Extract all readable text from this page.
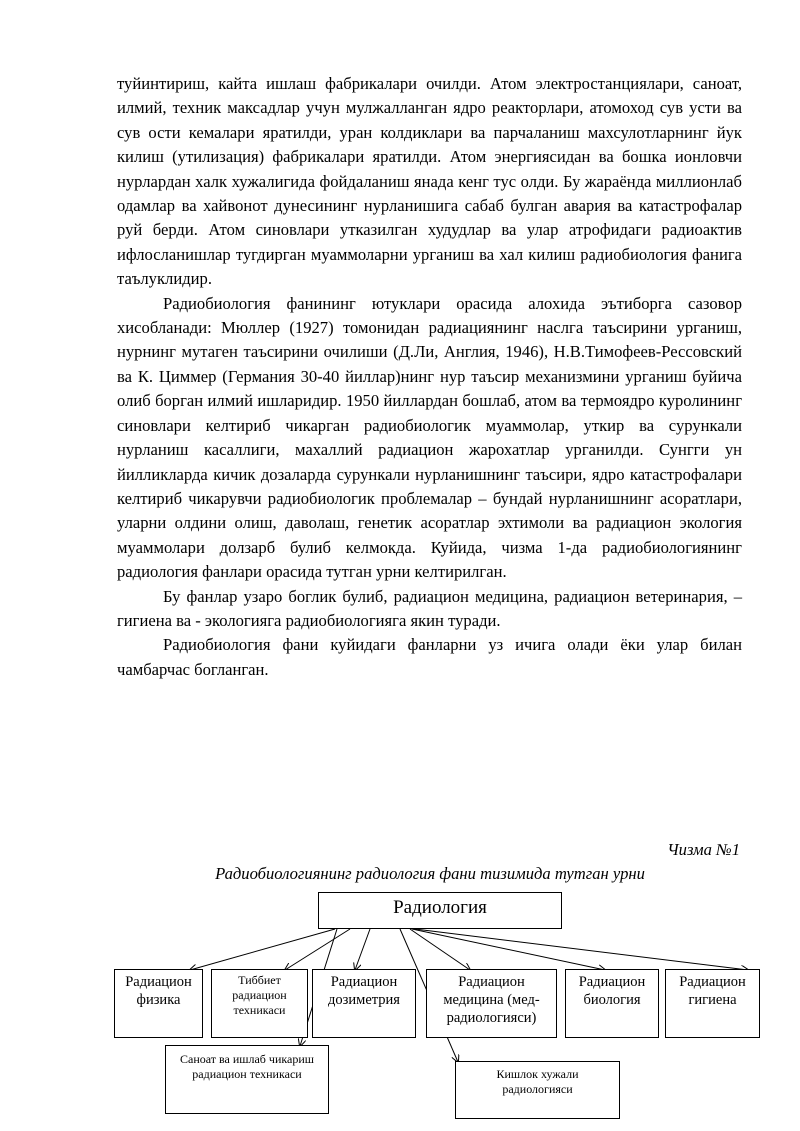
туйинтириш, кайта ишлаш фабрикалари очилди. Атом электростанциялари, саноат, илмий, техник максадлар учун мулжалланган ядро реакторлари, атомоход сув усти ва сув ости кемалари яратилди, уран колдиклари ва парчаланиш махсулотларнинг йук килиш (утилизация) фабрикалари яратилди. Атом энергиясидан ва бошка ионловчи нурлардан халк хужалигида фойдаланиш янада кенг тус олди. Бу жараёнда миллионлаб одамлар ва хайвонот дунесининг нурланишига сабаб булган авария ва катастрофалар руй берди. Атом синовлари утказилган худудлар ва улар атрофидаги радиоактив ифлосланишлар тугдирган муаммоларни урганиш ва хал килиш радиобиология фанига таълуклидир.

Радиобиология фанининг ютуклари орасида алохида эътиборга сазовор хисобланади: Мюллер (1927) томонидан радиациянинг наслга таъсирини урганиш, нурнинг мутаген таъсирини очилиши (Д.Ли, Англия, 1946), Н.В.Тимофеев-Ресcовский ва К. Циммер (Германия 30-40 йиллар)нинг нур таъсир механизмини урганиш буйича олиб борган илмий ишларидир. 1950 йиллардан бошлаб, атом ва термоядро куролининг синовлари келтириб чикарган радиобиологик муаммолар, уткир ва сурункали нурланиш касаллиги, махаллий радиацион жарохатлар урганилди. Сунгги ун йилликларда кичик дозаларда сурункали нурланишнинг таъсири, ядро катастрофалари келтириб чикарувчи радиобиологик проблемалар – бундай нурланишнинг асоратлари, уларни олдини олиш, даволаш, генетик асоратлар эхтимоли ва радиацион экология муаммолари долзарб булиб келмокда. Куйида, чизма 1-да радиобиологиянинг радиология фанлари орасида тутган урни келтирилган.

Бу фанлар узаро боглик булиб, радиацион медицина, радиацион ветеринария, – гигиена ва - экологияга радиобиологияга якин туради.

Радиобиология фани куйидаги фанларни уз ичига олади ёки улар билан чамбарчас богланган.

Чизма №1
Радиобиологиянинг радиология фани тизимида тутган урни
Радиология
Радиацион физика
Тиббиет радиацион техникаси
Радиацион дозиметрия
Радиацион медицина (мед-радиологияси)
Радиацион биология
Радиацион гигиена
Саноат ва ишлаб чикариш радиацион техникаси	Кишлок хужали радиологияси
